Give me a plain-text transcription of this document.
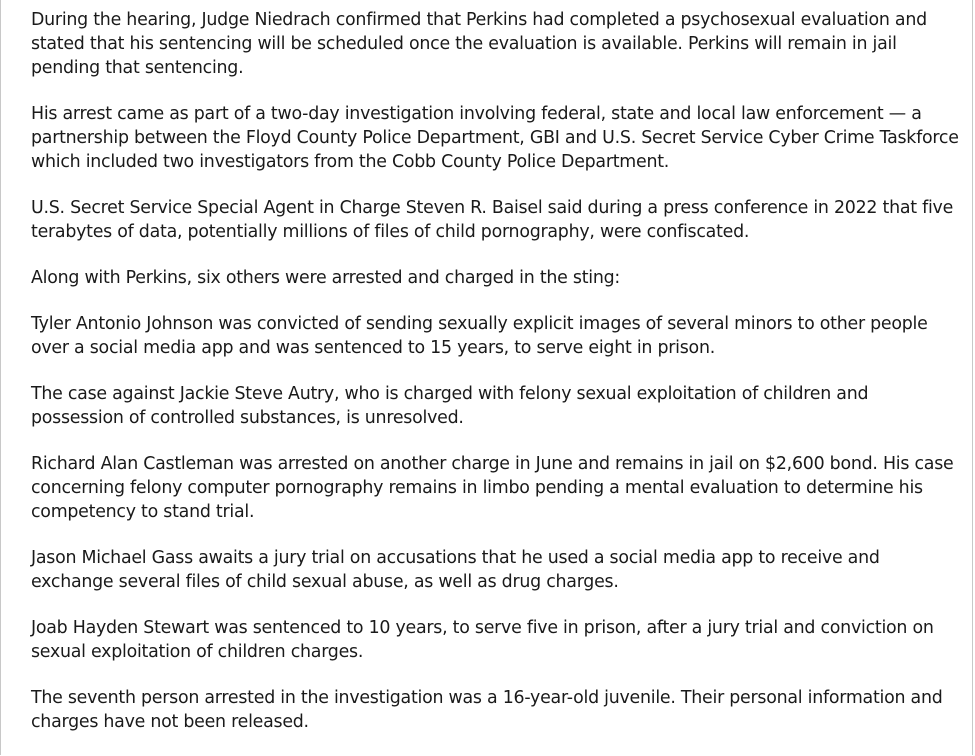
During the hearing, Judge Niedrach confirmed that Perkins had completed a psychosexual evaluation and stated that his sentencing will be scheduled once the evaluation is available. Perkins will remain in jail pending that sentencing.

His arrest came as part of a two-day investigation involving federal, state and local law enforcement — a partnership between the Floyd County Police Department, GBI and U.S. Secret Service Cyber Crime Taskforce which included two investigators from the Cobb County Police Department.

U.S. Secret Service Special Agent in Charge Steven R. Baisel said during a press conference in 2022 that five terabytes of data, potentially millions of files of child pornography, were confiscated.

Along with Perkins, six others were arrested and charged in the sting:

Tyler Antonio Johnson was convicted of sending sexually explicit images of several minors to other people over a social media app and was sentenced to 15 years, to serve eight in prison.

The case against Jackie Steve Autry, who is charged with felony sexual exploitation of children and possession of controlled substances, is unresolved.

Richard Alan Castleman was arrested on another charge in June and remains in jail on $2,600 bond. His case concerning felony computer pornography remains in limbo pending a mental evaluation to determine his competency to stand trial.

Jason Michael Gass awaits a jury trial on accusations that he used a social media app to receive and exchange several files of child sexual abuse, as well as drug charges.

Joab Hayden Stewart was sentenced to 10 years, to serve five in prison, after a jury trial and conviction on sexual exploitation of children charges.

The seventh person arrested in the investigation was a 16-year-old juvenile. Their personal information and charges have not been released.
